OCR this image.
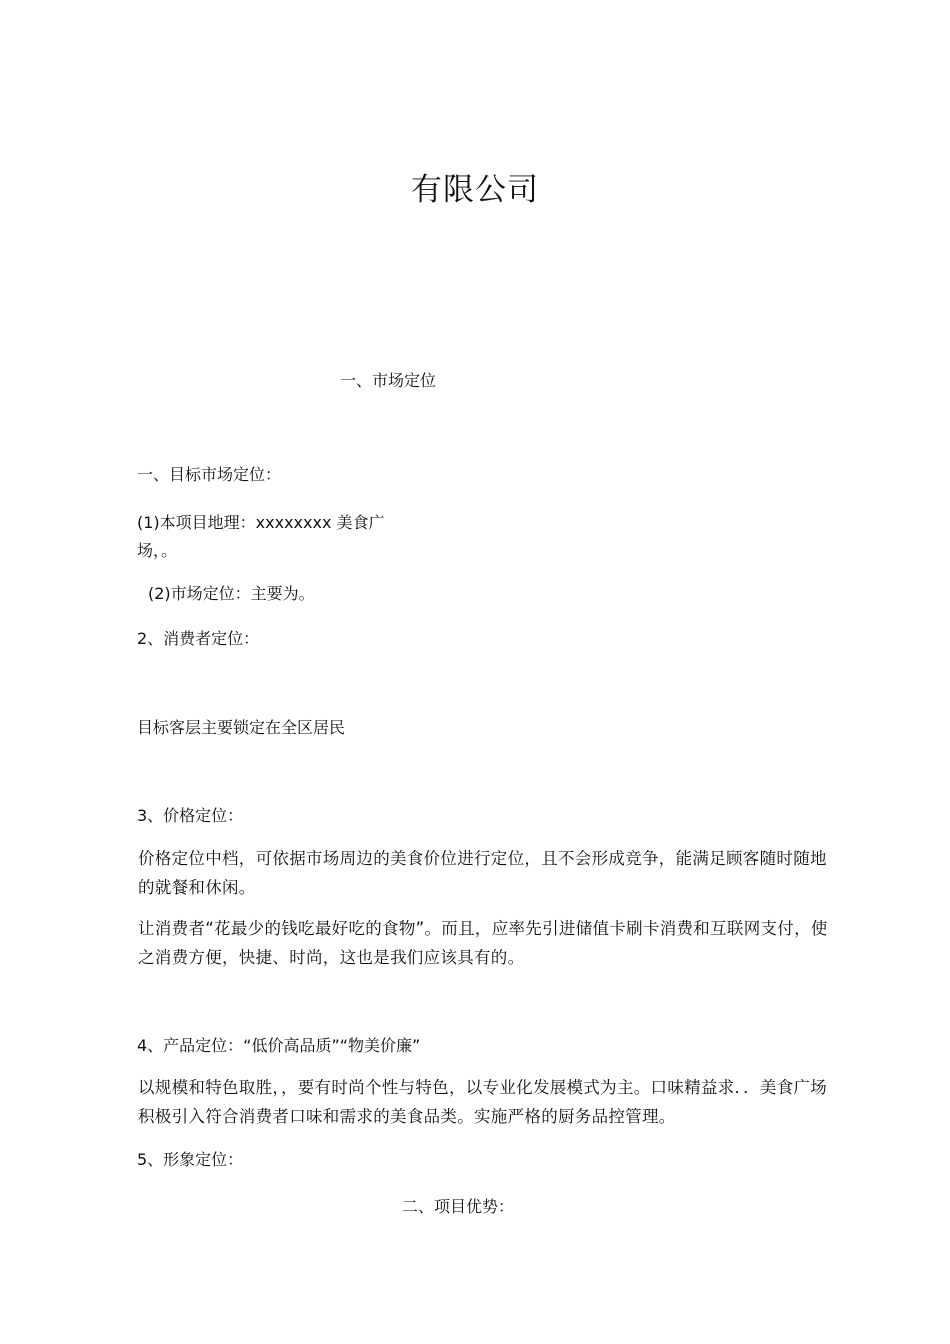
有限公司

一、市场定位

一、目标市场定位：

(1)本项目地理：xxxxxxxx 美食广

场，。

(2)市场定位：主要为。

2、消费者定位：

目标客层主要锁定在全区居民

3、价格定位：

价格定位中档，可依据市场周边的美食价位进行定位，且不会形成竞争，能满足顾客随时随地的就餐和休闲。

让消费者“花最少的钱吃最好吃的食物”。而且，应率先引进储值卡刷卡消费和互联网支付，使之消费方便，快捷、时尚，这也是我们应该具有的。

4、产品定位：“低价高品质”“物美价廉”

以规模和特色取胜，，要有时尚个性与特色，以专业化发展模式为主。口味精益求．．美食广场积极引入符合消费者口味和需求的美食品类。实施严格的厨务品控管理。

5、形象定位：

二、项目优势：
